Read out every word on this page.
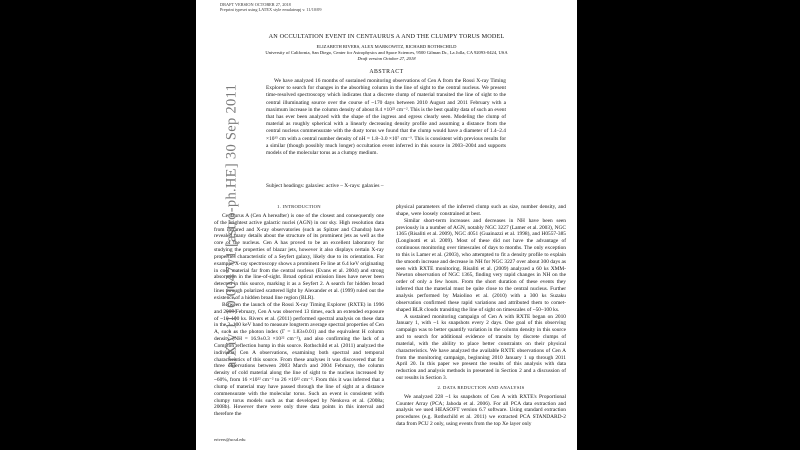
DRAFT VERSION OCTOBER 27, 2018
Preprint typeset using LATEX style emulateapj v. 11/10/09
AN OCCULTATION EVENT IN CENTAURUS A AND THE CLUMPY TORUS MODEL
ELIZABETH RIVERS, ALEX MARKOWITZ, RICHARD ROTHSCHILD
University of California, San Diego, Center for Astrophysics and Space Sciences, 9500 Gilman Dr., La Jolla, CA 92093-0424, USA
Draft version October 27, 2018
ABSTRACT
We have analyzed 16 months of sustained monitoring observations of Cen A from the Rossi X-ray Timing Explorer to search for changes in the absorbing column in the line of sight to the central nucleus. We present time-resolved spectroscopy which indicates that a discrete clump of material transited the line of sight to the central illuminating source over the course of ~170 days between 2010 August and 2011 February with a maximum increase in the column density of about 8.4 ×10²² cm⁻². This is the best quality data of such an event that has ever been analyzed with the shape of the ingress and egress clearly seen. Modeling the clump of material as roughly spherical with a linearly decreasing density profile and assuming a distance from the central nucleus commensurate with the dusty torus we found that the clump would have a diameter of 1.4–2.4 ×10¹⁵ cm with a central number density of nH = 1.8–3.0 ×10⁷ cm⁻³. This is consistent with previous results for a similar (though possibly much longer) occultation event inferred in this source in 2003–2004 and supports models of the molecular torus as a clumpy medium.
Subject headings: galaxies: active – X-rays: galaxies –
1. INTRODUCTION
Centaurus A (Cen A hereafter) is one of the closest and consequently one of the brightest active galactic nuclei (AGN) in our sky. High resolution data from infrared and X-ray observatories (such as Spitzer and Chandra) have revealed many details about the structure of its prominent jets as well as the core of the nucleus. Cen A has proved to be an excellent laboratory for studying the properties of blazar jets, however it also displays certain X-ray properties characteristic of a Seyfert galaxy, likely due to its orientation. For example, X-ray spectroscopy shows a prominent Fe line at 6.4 keV originating in cool material far from the central nucleus (Evans et al. 2004) and strong absorption in the line-of-sight. Broad optical emission lines have never been detected in this source, marking it as a Seyfert 2. A search for hidden broad lines through polarized scattered light by Alexander et al. (1999) ruled out the existence of a hidden broad line region (BLR).
Between the launch of the Rossi X-ray Timing Explorer (RXTE) in 1996 and 2009 February, Cen A was observed 13 times, each an extended exposure of ~10–100 ks. Rivers et al. (2011) performed spectral analysis on these data in the 3–100 keV band to measure longterm average spectral properties of Cen A, such as the photon index (Γ = 1.83±0.01) and the equivalent H column density (NH = 16.9±0.3 ×10²² cm⁻²), and also confirming the lack of a Compton reflection hump in this source. Rothschild et al. (2011) analyzed the individual Cen A observations, examining both spectral and temporal characteristics of this source. From these analyses it was discovered that for three observations between 2003 March and 2004 February, the column density of cold material along the line of sight to the nucleus increased by ~60%, from 16 ×10²² cm⁻² to 26 ×10²² cm⁻². From this it was inferred that a clump of material may have passed through the line of sight at a distance commensurate with the molecular torus. Such an event is consistent with clumpy torus models such as that developed by Nenkova et al. (2008a; 2008b). However there were only three data points in this interval and therefore the
physical parameters of the inferred clump such as size, number density, and shape, were loosely constrained at best.
Similar short-term increases and decreases in NH have been seen previously in a number of AGN, notably NGC 3227 (Lamer et al. 2003), NGC 1365 (Risaliti et al. 2009), NGC 4051 (Guainazzi et al. 1998), and H0557-385 (Longinotti et al. 2009). Most of these did not have the advantage of continuous monitoring over timescales of days to months. The only exception to this is Lamer et al. (2003), who attempted to fit a density profile to explain the smooth increase and decrease in NH for NGC 3227 over about 300 days as seen with RXTE monitoring. Risaliti et al. (2009) analyzed a 60 ks XMM-Newton observation of NGC 1365, finding very rapid changes in NH on the order of only a few hours. From the short duration of these events they inferred that the material must be quite close to the central nucleus. Further analysis performed by Maiolino et al. (2010) with a 300 ks Suzaku observation confirmed these rapid variations and attributed them to comet-shaped BLR clouds transiting the line of sight on timescales of ~50–100 ks.
A sustained monitoring campaign of Cen A with RXTE began on 2010 January 1, with ~1 ks snapshots every 2 days. One goal of this observing campaign was to better quantify variation in the column density in this source and to search for additional evidence of transits by discrete clumps of material, with the ability to place better constraints on their physical characteristics. We have analyzed the available RXTE observations of Cen A from the monitoring campaign, beginning 2010 January 1 up through 2011 April 20. In this paper we present the results of this analysis with data reduction and analysis methods in presented in Section 2 and a discussion of our results in Section 3.
2. DATA REDUCTION AND ANALYSIS
We analyzed 228 ~1 ks snapshots of Cen A with RXTE's Proportional Counter Array (PCA; Jahoda et al. 2006). For all PCA data extraction and analysis we used HEASOFT version 6.7 software. Using standard extraction procedures (e.g. Rothschild et al. 2011) we extracted PCA STANDARD-2 data from PCU 2 only, using events from the top Xe layer only
erivers@ucsd.edu
arXiv:1110.0047v1 [astro-ph.HE] 30 Sep 2011
